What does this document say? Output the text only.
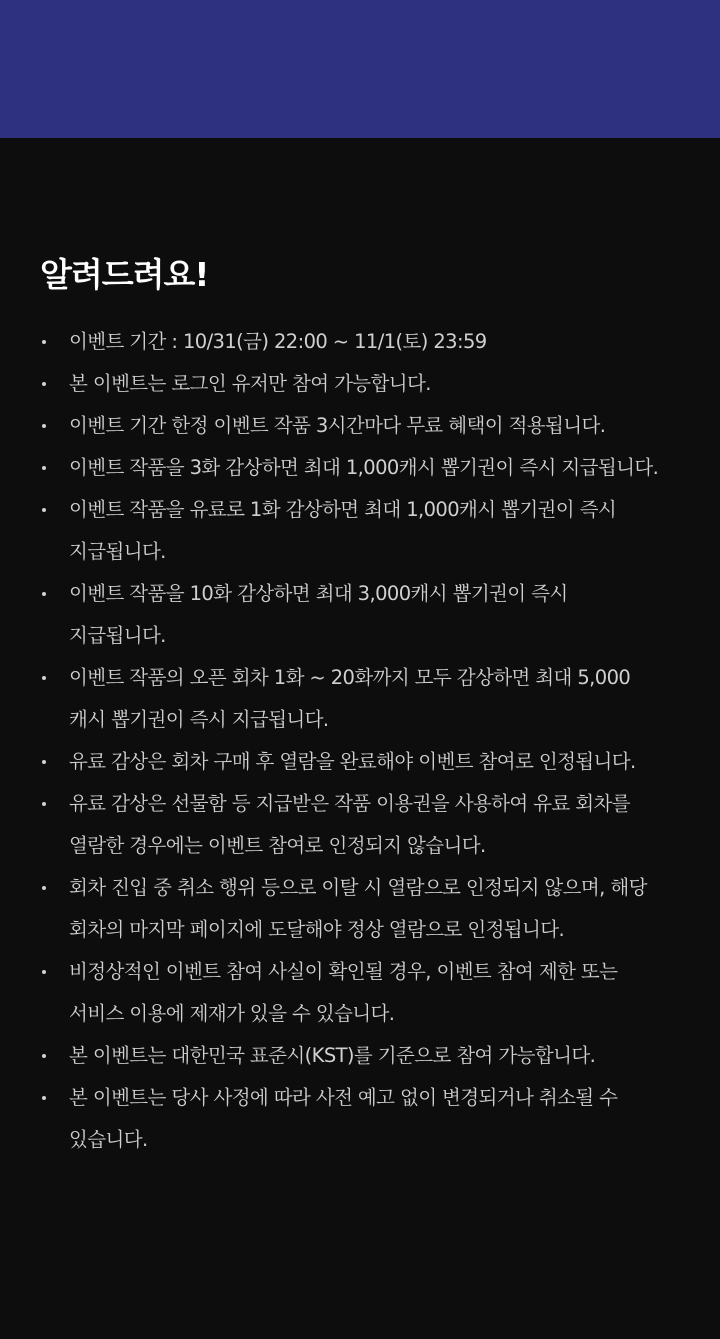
알려드려요!
이벤트 기간 : 10/31(금) 22:00 ~ 11/1(토) 23:59
본 이벤트는 로그인 유저만 참여 가능합니다.
이벤트 기간 한정 이벤트 작품 3시간마다 무료 혜택이 적용됩니다.
이벤트 작품을 3화 감상하면 최대 1,000캐시 뽑기권이 즉시 지급됩니다.
이벤트 작품을 유료로 1화 감상하면 최대 1,000캐시 뽑기권이 즉시
지급됩니다.
이벤트 작품을 10화 감상하면 최대 3,000캐시 뽑기권이 즉시
지급됩니다.
이벤트 작품의 오픈 회차 1화 ~ 20화까지 모두 감상하면 최대 5,000
캐시 뽑기권이 즉시 지급됩니다.
유료 감상은 회차 구매 후 열람을 완료해야 이벤트 참여로 인정됩니다.
유료 감상은 선물함 등 지급받은 작품 이용권을 사용하여 유료 회차를
열람한 경우에는 이벤트 참여로 인정되지 않습니다.
회차 진입 중 취소 행위 등으로 이탈 시 열람으로 인정되지 않으며, 해당
회차의 마지막 페이지에 도달해야 정상 열람으로 인정됩니다.
비정상적인 이벤트 참여 사실이 확인될 경우, 이벤트 참여 제한 또는
서비스 이용에 제재가 있을 수 있습니다.
본 이벤트는 대한민국 표준시(KST)를 기준으로 참여 가능합니다.
본 이벤트는 당사 사정에 따라 사전 예고 없이 변경되거나 취소될 수
있습니다.
